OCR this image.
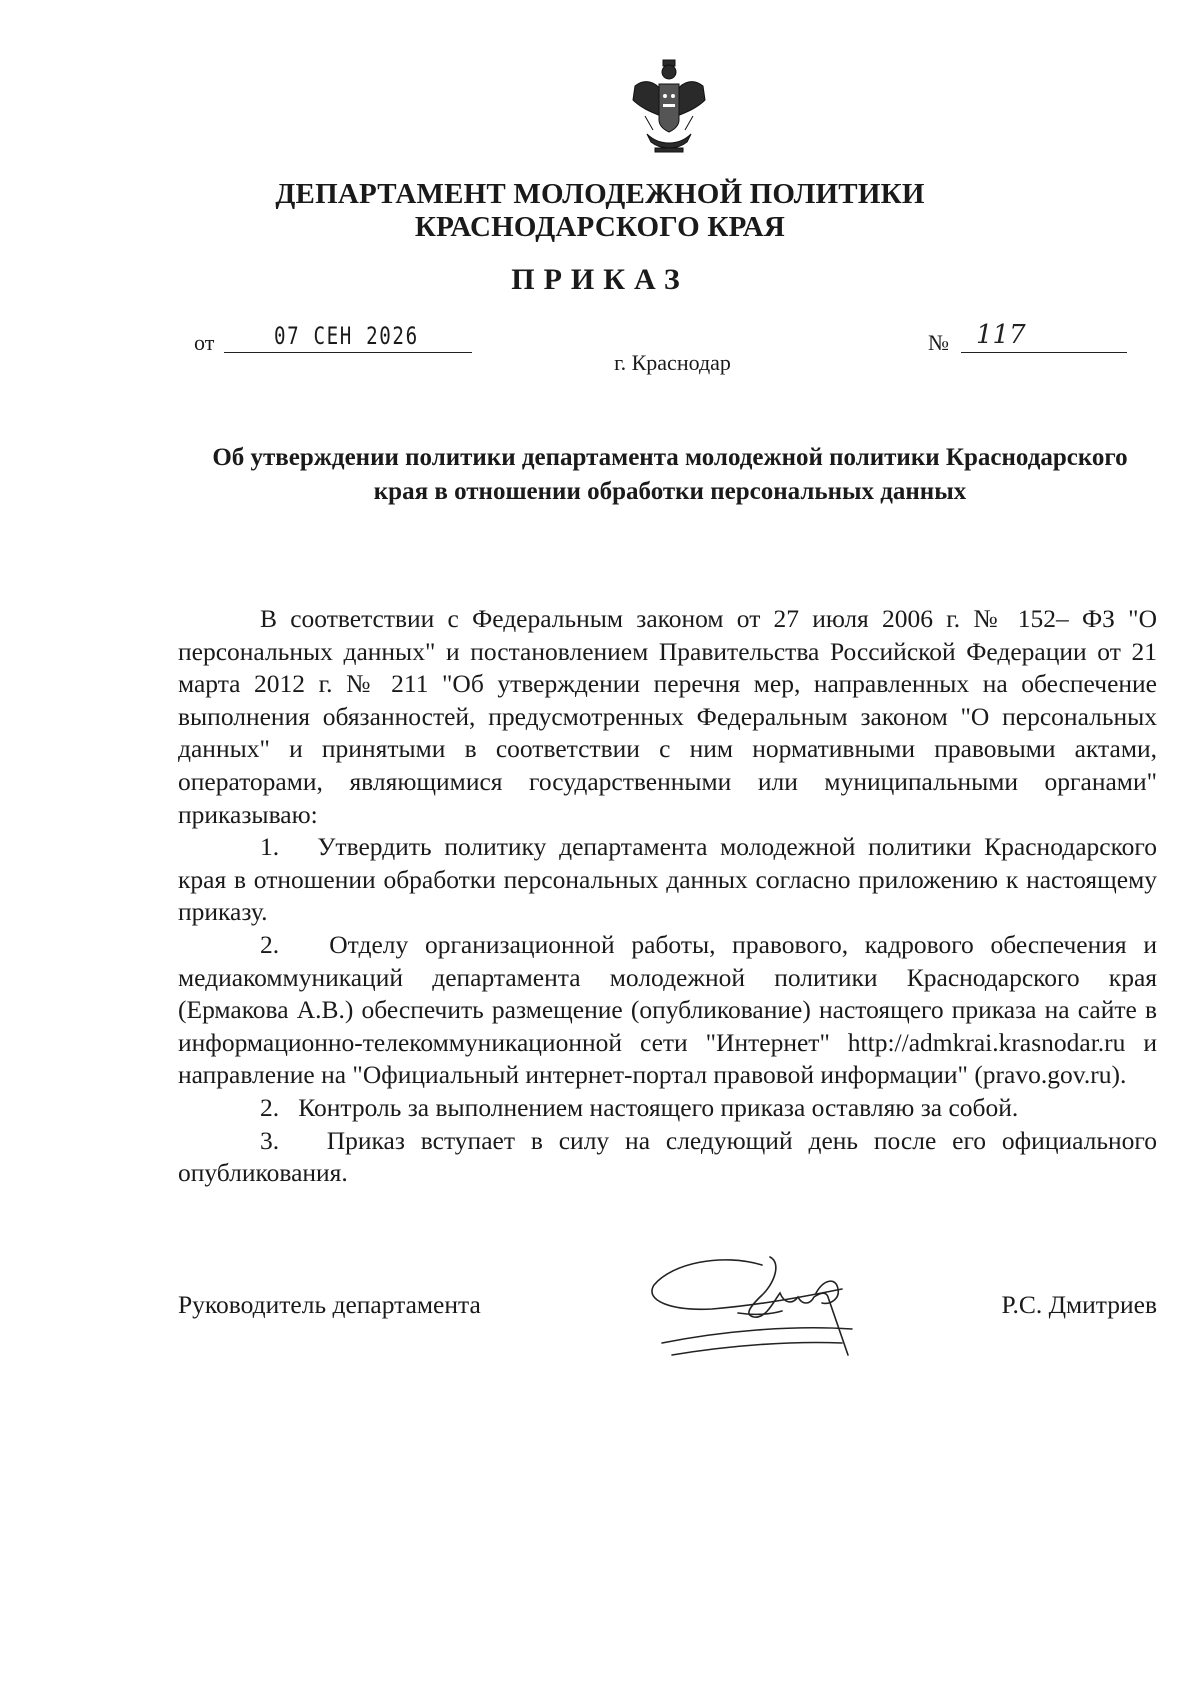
ДЕПАРТАМЕНТ МОЛОДЕЖНОЙ ПОЛИТИКИ
КРАСНОДАРСКОГО КРАЯ
ПРИКАЗ
от 07 СЕН 2026	№ 117
г. Краснодар
Об утверждении политики департамента молодежной политики Краснодарского края в отношении обработки персональных данных

В соответствии с Федеральным законом от 27 июля 2006 г. № 152– ФЗ "О персональных данных" и постановлением Правительства Российской Федерации от 21 марта 2012 г. № 211 "Об утверждении перечня мер, направленных на обеспечение выполнения обязанностей, предусмотренных Федеральным законом "О персональных данных" и принятыми в соответствии с ним нормативными правовыми актами, операторами, являющимися государственными или муниципальными органами" приказываю:

1.   Утвердить политику департамента молодежной политики Краснодарского края в отношении обработки персональных данных согласно приложению к настоящему приказу.

2.   Отделу организационной работы, правового, кадрового обеспечения и медиакоммуникаций департамента молодежной политики Краснодарского края (Ермакова А.В.) обеспечить размещение (опубликование) настоящего приказа на сайте в информационно-телекоммуникационной сети "Интернет" http://admkrai.krasnodar.ru и направление на "Официальный интернет-портал правовой информации" (pravo.gov.ru).

2.   Контроль за выполнением настоящего приказа оставляю за собой.

3.   Приказ вступает в силу на следующий день после его официального опубликования.

Руководитель департамента	Р.С. Дмитриев
